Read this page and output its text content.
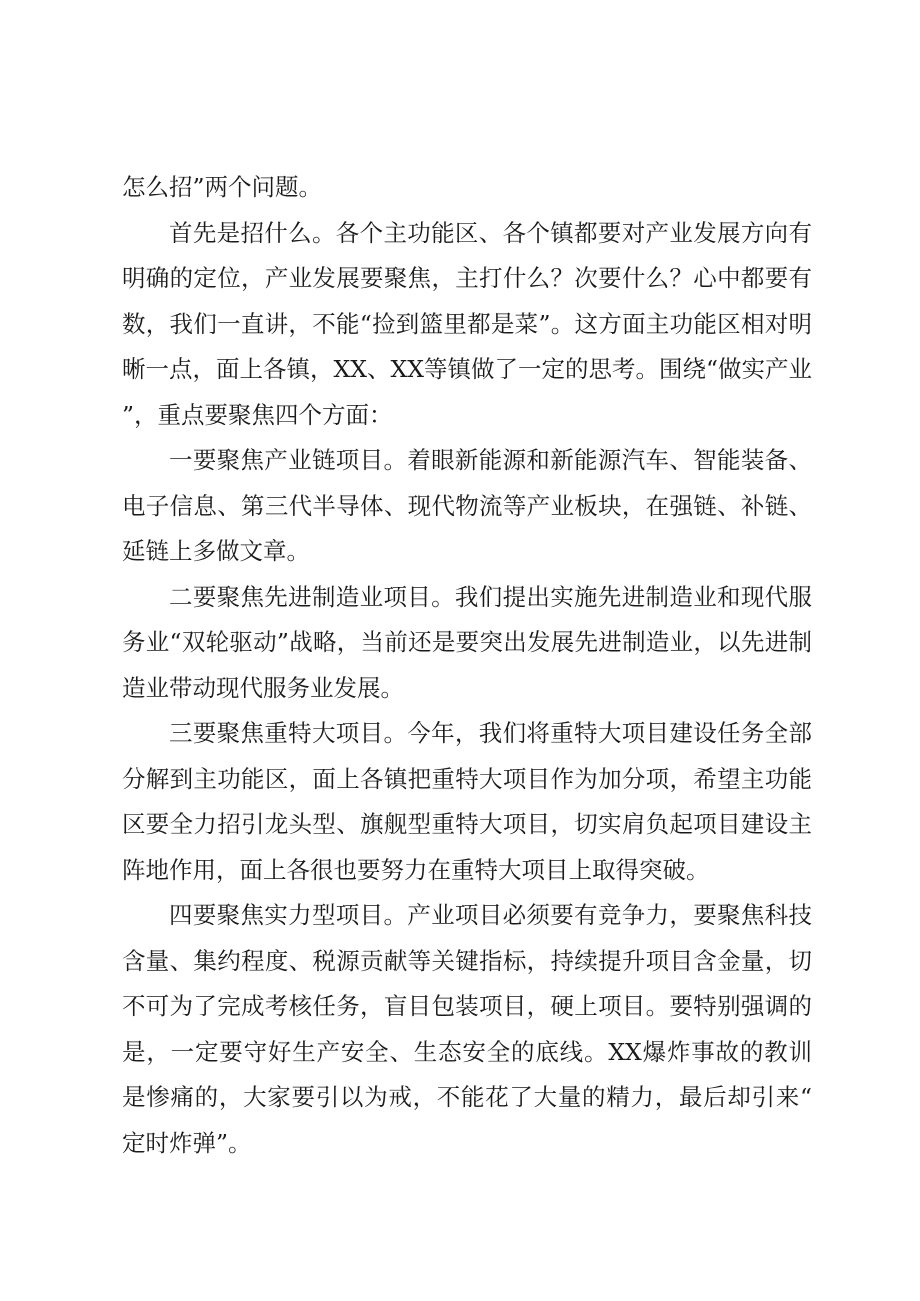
怎么招”两个问题。

首先是招什么。各个主功能区、各个镇都要对产业发展方向有明确的定位，产业发展要聚焦，主打什么？次要什么？心中都要有数，我们一直讲，不能“捡到篮里都是菜”。这方面主功能区相对明晰一点，面上各镇，XX、XX等镇做了一定的思考。围绕“做实产业”，重点要聚焦四个方面：

一要聚焦产业链项目。着眼新能源和新能源汽车、智能装备、电子信息、第三代半导体、现代物流等产业板块，在强链、补链、延链上多做文章。

二要聚焦先进制造业项目。我们提出实施先进制造业和现代服务业“双轮驱动”战略，当前还是要突出发展先进制造业，以先进制造业带动现代服务业发展。

三要聚焦重特大项目。今年，我们将重特大项目建设任务全部分解到主功能区，面上各镇把重特大项目作为加分项，希望主功能区要全力招引龙头型、旗舰型重特大项目，切实肩负起项目建设主阵地作用，面上各很也要努力在重特大项目上取得突破。

四要聚焦实力型项目。产业项目必须要有竞争力，要聚焦科技含量、集约程度、税源贡献等关键指标，持续提升项目含金量，切不可为了完成考核任务，盲目包装项目，硬上项目。要特别强调的是，一定要守好生产安全、生态安全的底线。XX爆炸事故的教训是惨痛的，大家要引以为戒，不能花了大量的精力，最后却引来“定时炸弹”。
